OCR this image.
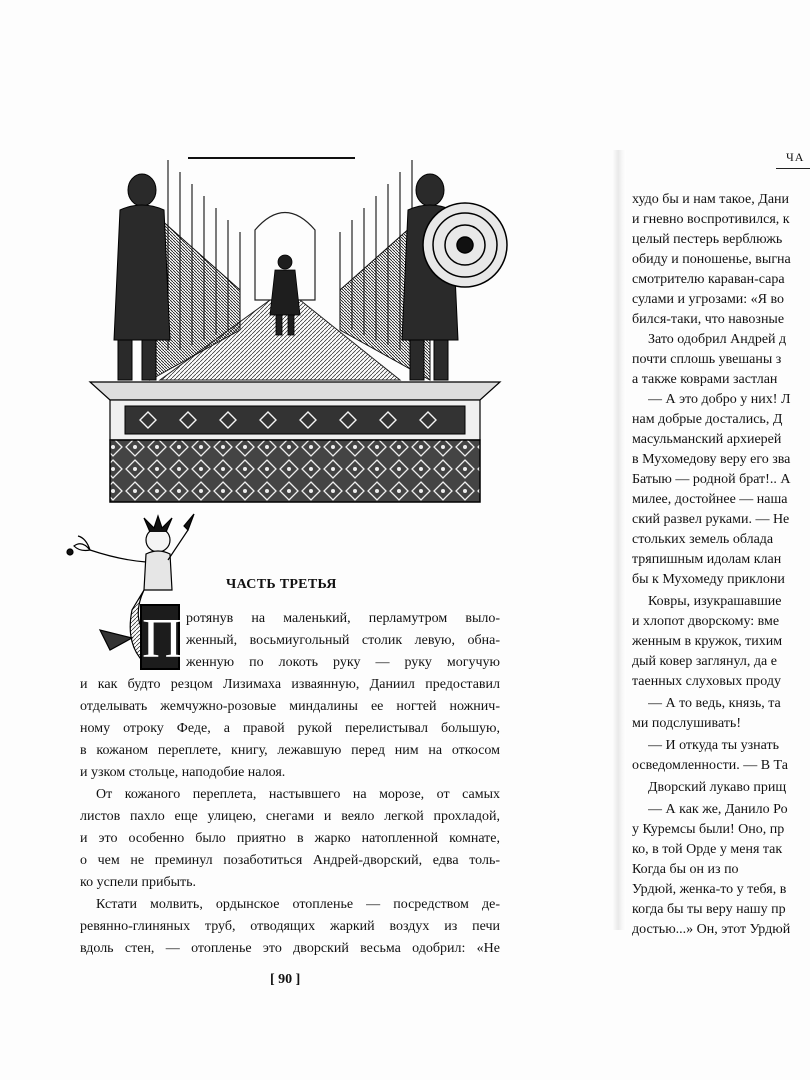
ЧА
ЧАСТЬ ТРЕТЬЯ
П ротянув на маленький, перламутром выло-
женный, восьмиугольный столик левую, обна-
женную по локоть руку — руку могучую
и как будто резцом Лизимаха изваянную, Даниил предоставил
отделывать жемчужно-розовые миндалины ее ногтей ножнич-
ному отроку Феде, а правой рукой перелистывал большую,
в кожаном переплете, книгу, лежавшую перед ним на откосом
и узком стольце, наподобие налоя.
От кожаного переплета, настывшего на морозе, от самых
листов пахло еще улицею, снегами и веяло легкой прохладой,
и это особенно было приятно в жарко натопленной комнате,
о чем не преминул позаботиться Андрей-дворский, едва толь-
ко успели прибыть.
Кстати молвить, ордынское отопленье — посредством де-
ревянно-глиняных труб, отводящих жаркий воздух из печи
вдоль стен, — отопленье это дворский весьма одобрил: «Не
[ 90 ]
худо бы и нам такое, Дани
и гневно воспротивился, к
целый пестерь верблюжь
обиду и поношенье, выгна
смотрителю караван-сара
сулами и угрозами: «Я во
бился-таки, что навозные
Зато одобрил Андрей д
почти сплошь увешаны з
а также коврами застлан
— А это добро у них! Л
нам добрые достались, Д
масульманский архиерей
в Мухомедову веру его зва
Батыю — родной брат!.. А
милее, достойнее — наша
ский развел руками. — Не
стольких земель облада
тряпишным идолам клан
бы к Мухомеду приклони
Ковры, изукрашавшие
и хлопот дворскому: вме
женным в кружок, тихим
дый ковер заглянул, да е
таенных слуховых проду
— А то ведь, князь, та
ми подслушивать!
— И откуда ты узнать
осведомленности. — В Та
Дворский лукаво прищ
— А как же, Данило Ро
у Куремсы были! Оно, пр
ко, в той Орде у меня так
Когда бы он из по
Урдюй, женка-то у тебя, в
когда бы ты веру нашу пр
достью...» Он, этот Урдюй
